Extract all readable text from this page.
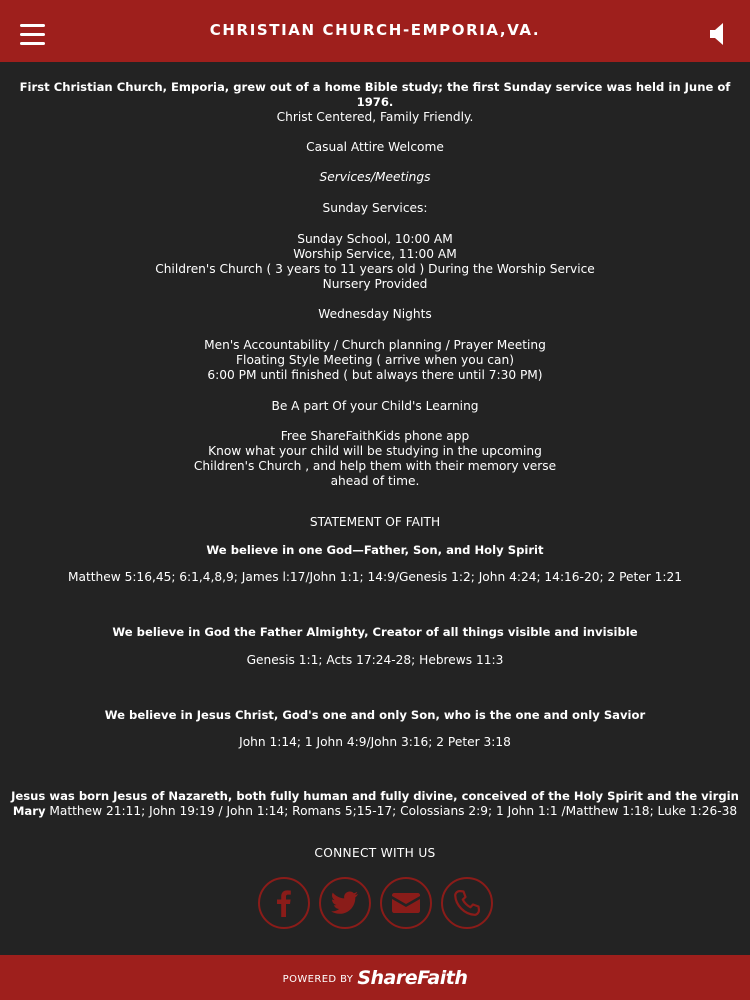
CHRISTIAN CHURCH-EMPORIA,VA.

First Christian Church, Emporia, grew out of a home Bible study; the first Sunday service was held in June of 1976.

Christ Centered, Family Friendly.

Casual Attire Welcome

Services/Meetings

Sunday Services:

Sunday School, 10:00 AM

Worship Service, 11:00 AM

Children's Church ( 3 years to 11 years old ) During the Worship Service

Nursery Provided

Wednesday Nights

Men's Accountability / Church planning / Prayer Meeting

Floating Style Meeting ( arrive when you can)

6:00 PM until finished ( but always there until 7:30 PM)

Be A part Of your Child's Learning

Free ShareFaithKids phone app

Know what your child will be studying in the upcoming

Children's Church , and help them with their memory verse

ahead of time.

STATEMENT OF FAITH

We believe in one God—Father, Son, and Holy Spirit

Matthew 5:16,45; 6:1,4,8,9; James l:17/John 1:1; 14:9/Genesis 1:2; John 4:24; 14:16-20; 2 Peter 1:21

We believe in God the Father Almighty, Creator of all things visible and invisible

Genesis 1:1; Acts 17:24-28; Hebrews 11:3

We believe in Jesus Christ, God's one and only Son, who is the one and only Savior

John 1:14; 1 John 4:9/John 3:16; 2 Peter 3:18

Jesus was born Jesus of Nazareth, both fully human and fully divine, conceived of the Holy Spirit and the virgin

Mary Matthew 21:11; John 19:19 / John 1:14; Romans 5;15-17; Colossians 2:9; 1 John 1:1 /Matthew 1:18; Luke 1:26-38

CONNECT WITH US

POWERED BY ShareFaith
